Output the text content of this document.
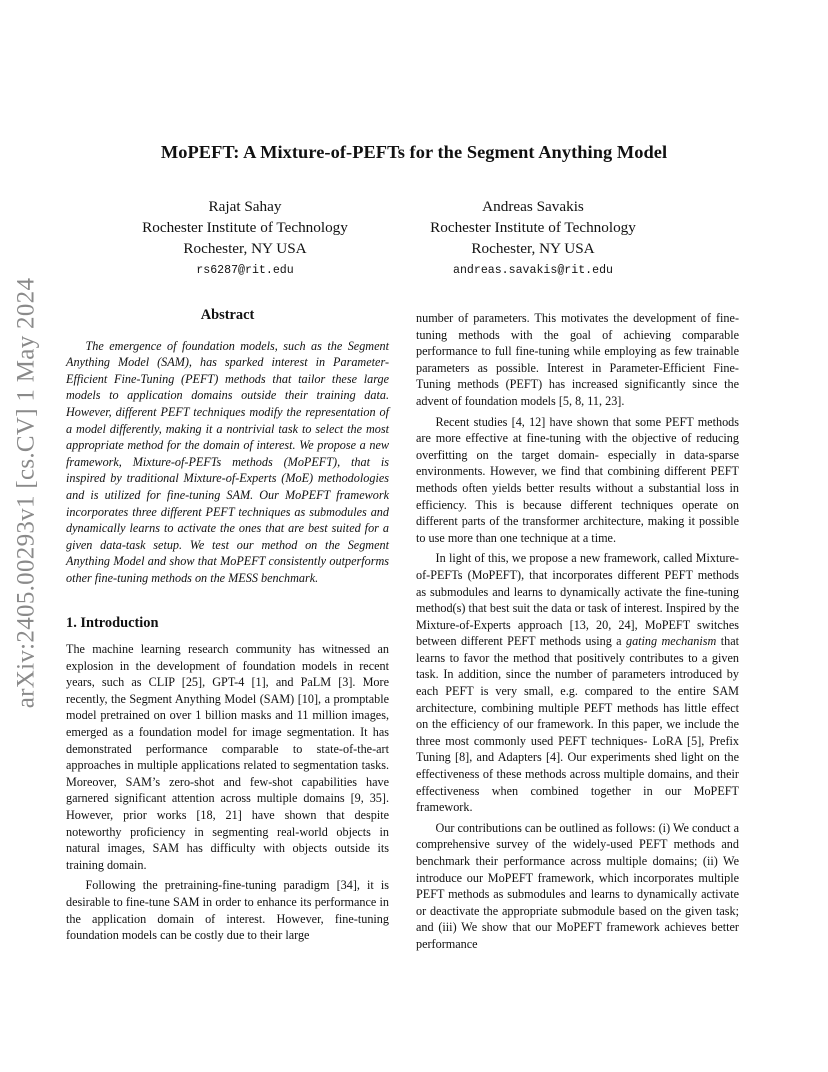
MoPEFT: A Mixture-of-PEFTs for the Segment Anything Model
Rajat Sahay
Rochester Institute of Technology
Rochester, NY USA
rs6287@rit.edu
Andreas Savakis
Rochester Institute of Technology
Rochester, NY USA
andreas.savakis@rit.edu
arXiv:2405.00293v1 [cs.CV] 1 May 2024	Abstract

The emergence of foundation models, such as the Segment Anything Model (SAM), has sparked interest in Parameter-Efficient Fine-Tuning (PEFT) methods that tailor these large models to application domains outside their training data. However, different PEFT techniques modify the representation of a model differently, making it a nontrivial task to select the most appropriate method for the domain of interest. We propose a new framework, Mixture-of-PEFTs methods (MoPEFT), that is inspired by traditional Mixture-of-Experts (MoE) methodologies and is utilized for fine-tuning SAM. Our MoPEFT framework incorporates three different PEFT techniques as submodules and dynamically learns to activate the ones that are best suited for a given data-task setup. We test our method on the Segment Anything Model and show that MoPEFT consistently outperforms other fine-tuning methods on the MESS benchmark.

1. Introduction

The machine learning research community has witnessed an explosion in the development of foundation models in recent years, such as CLIP [25], GPT-4 [1], and PaLM [3]. More recently, the Segment Anything Model (SAM) [10], a promptable model pretrained on over 1 billion masks and 11 million images, emerged as a foundation model for image segmentation. It has demonstrated performance comparable to state-of-the-art approaches in multiple applications related to segmentation tasks. Moreover, SAM’s zero-shot and few-shot capabilities have garnered significant attention across multiple domains [9, 35]. However, prior works [18, 21] have shown that despite noteworthy proficiency in segmenting real-world objects in natural images, SAM has difficulty with objects outside its training domain.

Following the pretraining-fine-tuning paradigm [34], it is desirable to fine-tune SAM in order to enhance its performance in the application domain of interest. However, fine-tuning foundation models can be costly due to their large

number of parameters. This motivates the development of fine-tuning methods with the goal of achieving comparable performance to full fine-tuning while employing as few trainable parameters as possible. Interest in Parameter-Efficient Fine-Tuning methods (PEFT) has increased significantly since the advent of foundation models [5, 8, 11, 23].

Recent studies [4, 12] have shown that some PEFT methods are more effective at fine-tuning with the objective of reducing overfitting on the target domain- especially in data-sparse environments. However, we find that combining different PEFT methods often yields better results without a substantial loss in efficiency. This is because different techniques operate on different parts of the transformer architecture, making it possible to use more than one technique at a time.

In light of this, we propose a new framework, called Mixture-of-PEFTs (MoPEFT), that incorporates different PEFT methods as submodules and learns to dynamically activate the fine-tuning method(s) that best suit the data or task of interest. Inspired by the Mixture-of-Experts approach [13, 20, 24], MoPEFT switches between different PEFT methods using a gating mechanism that learns to favor the method that positively contributes to a given task. In addition, since the number of parameters introduced by each PEFT is very small, e.g. compared to the entire SAM architecture, combining multiple PEFT methods has little effect on the efficiency of our framework. In this paper, we include the three most commonly used PEFT techniques- LoRA [5], Prefix Tuning [8], and Adapters [4]. Our experiments shed light on the effectiveness of these methods across multiple domains, and their effectiveness when combined together in our MoPEFT framework.

Our contributions can be outlined as follows: (i) We conduct a comprehensive survey of the widely-used PEFT methods and benchmark their performance across multiple domains; (ii) We introduce our MoPEFT framework, which incorporates multiple PEFT methods as submodules and learns to dynamically activate or deactivate the appropriate submodule based on the given task; and (iii) We show that our MoPEFT framework achieves better performance
